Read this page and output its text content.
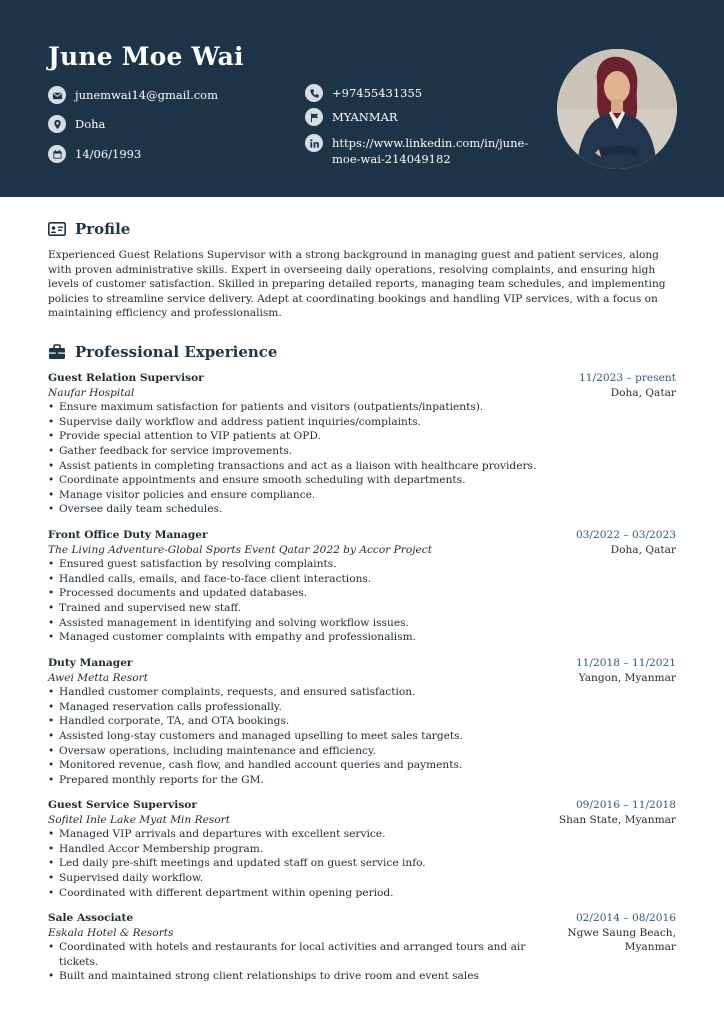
June Moe Wai
junemwai14@gmail.com
Doha
14/06/1993
+97455431355
MYANMAR
https://www.linkedin.com/in/june-
moe-wai-214049182
Profile
Experienced Guest Relations Supervisor with a strong background in managing guest and patient services, along with proven administrative skills. Expert in overseeing daily operations, resolving complaints, and ensuring high levels of customer satisfaction. Skilled in preparing detailed reports, managing team schedules, and implementing policies to streamline service delivery. Adept at coordinating bookings and handling VIP services, with a focus on maintaining efficiency and professionalism.
Professional Experience
Guest Relation Supervisor
Naufar Hospital
11/2023 – present
Doha, Qatar
• Ensure maximum satisfaction for patients and visitors (outpatients/inpatients).
• Supervise daily workflow and address patient inquiries/complaints.
• Provide special attention to VIP patients at OPD.
• Gather feedback for service improvements.
• Assist patients in completing transactions and act as a liaison with healthcare providers.
• Coordinate appointments and ensure smooth scheduling with departments.
• Manage visitor policies and ensure compliance.
• Oversee daily team schedules.
Front Office Duty Manager
The Living Adventure-Global Sports Event Qatar 2022 by Accor Project
03/2022 – 03/2023
Doha, Qatar
• Ensured guest satisfaction by resolving complaints.
• Handled calls, emails, and face-to-face client interactions.
• Processed documents and updated databases.
• Trained and supervised new staff.
• Assisted management in identifying and solving workflow issues.
• Managed customer complaints with empathy and professionalism.
Duty Manager
Awei Metta Resort
11/2018 – 11/2021
Yangon, Myanmar
• Handled customer complaints, requests, and ensured satisfaction.
• Managed reservation calls professionally.
• Handled corporate, TA, and OTA bookings.
• Assisted long-stay customers and managed upselling to meet sales targets.
• Oversaw operations, including maintenance and efficiency.
• Monitored revenue, cash flow, and handled account queries and payments.
• Prepared monthly reports for the GM.
Guest Service Supervisor
Sofitel Inle Lake Myat Min Resort
09/2016 – 11/2018
Shan State, Myanmar
• Managed VIP arrivals and departures with excellent service.
• Handled Accor Membership program.
• Led daily pre-shift meetings and updated staff on guest service info.
• Supervised daily workflow.
• Coordinated with different department within opening period.
Sale Associate
Eskala Hotel & Resorts
02/2014 – 08/2016
Ngwe Saung Beach, Myanmar
• Coordinated with hotels and restaurants for local activities and arranged tours and air tickets.
• Built and maintained strong client relationships to drive room and event sales
